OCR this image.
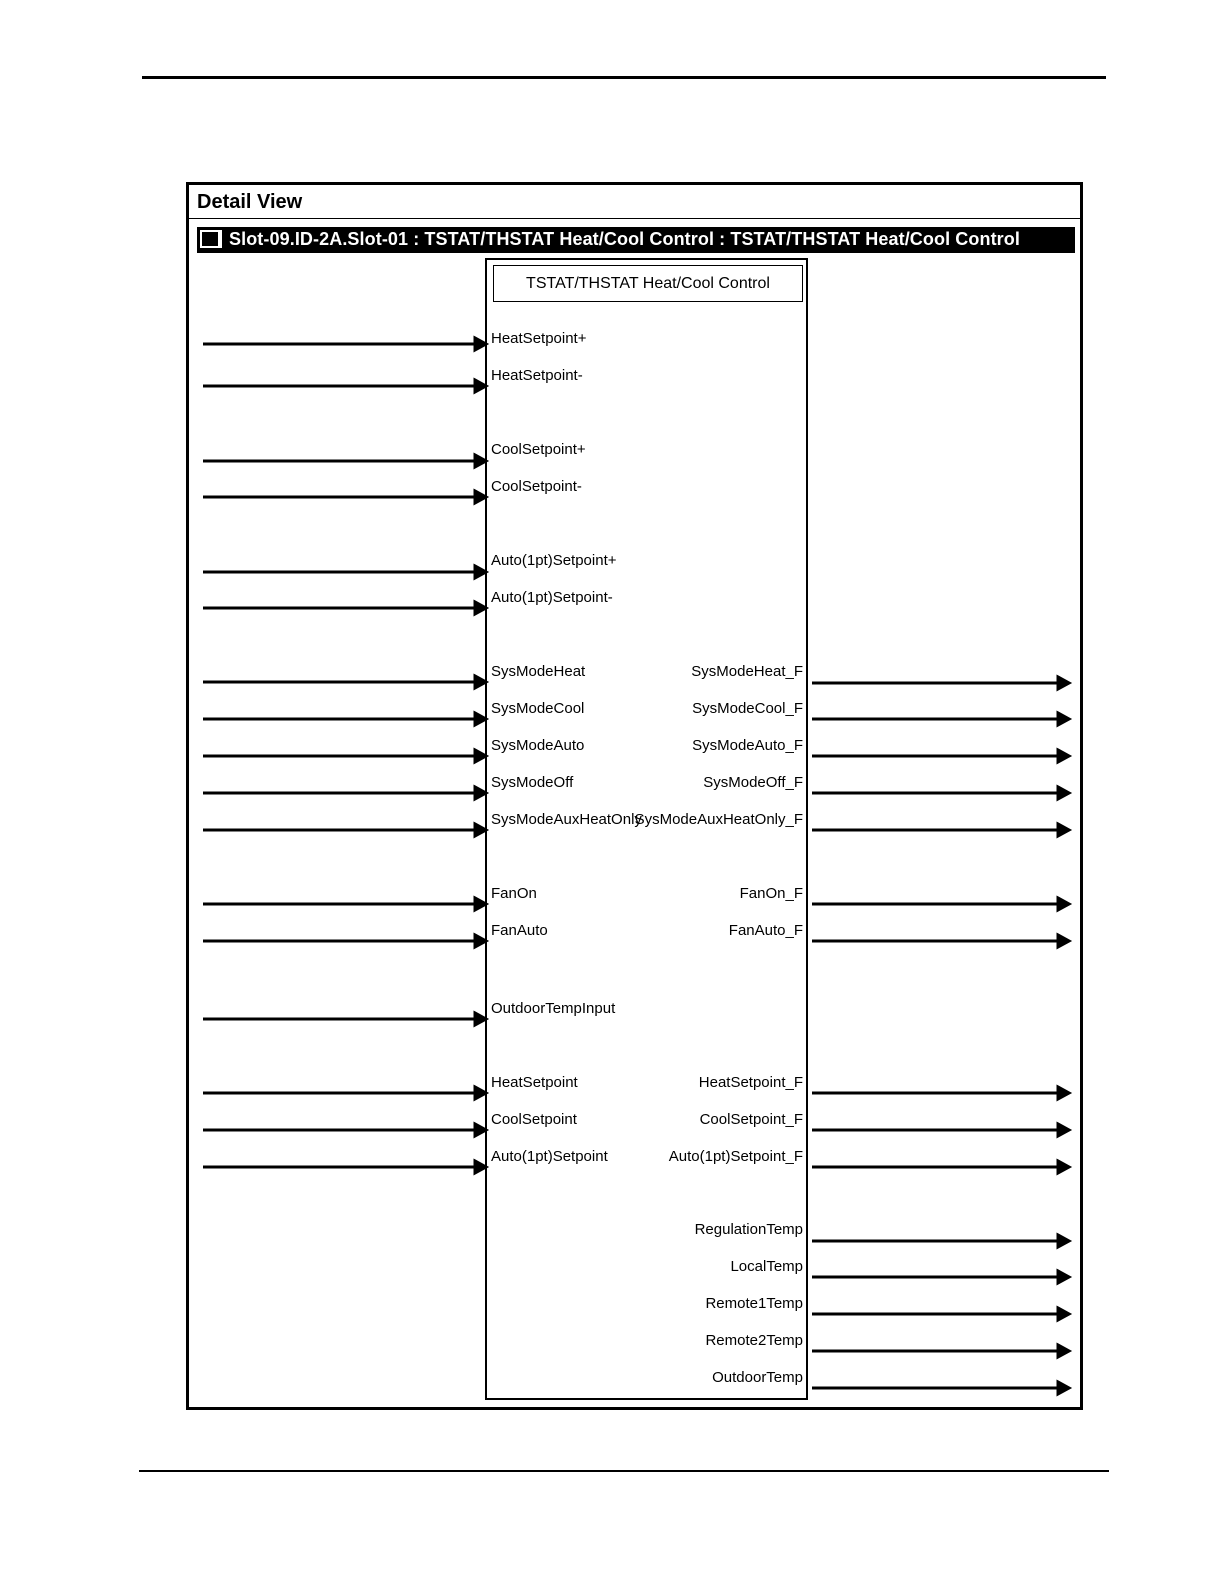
Detail View
Slot-09.ID-2A.Slot-01 : TSTAT/THSTAT Heat/Cool Control : TSTAT/THSTAT Heat/Cool Control
TSTAT/THSTAT Heat/Cool Control
HeatSetpoint+
HeatSetpoint-
CoolSetpoint+
CoolSetpoint-
Auto(1pt)Setpoint+
Auto(1pt)Setpoint-
SysModeHeat
SysModeCool
SysModeAuto
SysModeOff
SysModeAuxHeatOnly
FanOn
FanAuto
OutdoorTempInput
HeatSetpoint
CoolSetpoint
Auto(1pt)Setpoint
SysModeHeat_F
SysModeCool_F
SysModeAuto_F
SysModeOff_F
SysModeAuxHeatOnly_F
FanOn_F
FanAuto_F
HeatSetpoint_F
CoolSetpoint_F
Auto(1pt)Setpoint_F
RegulationTemp
LocalTemp
Remote1Temp
Remote2Temp
OutdoorTemp
